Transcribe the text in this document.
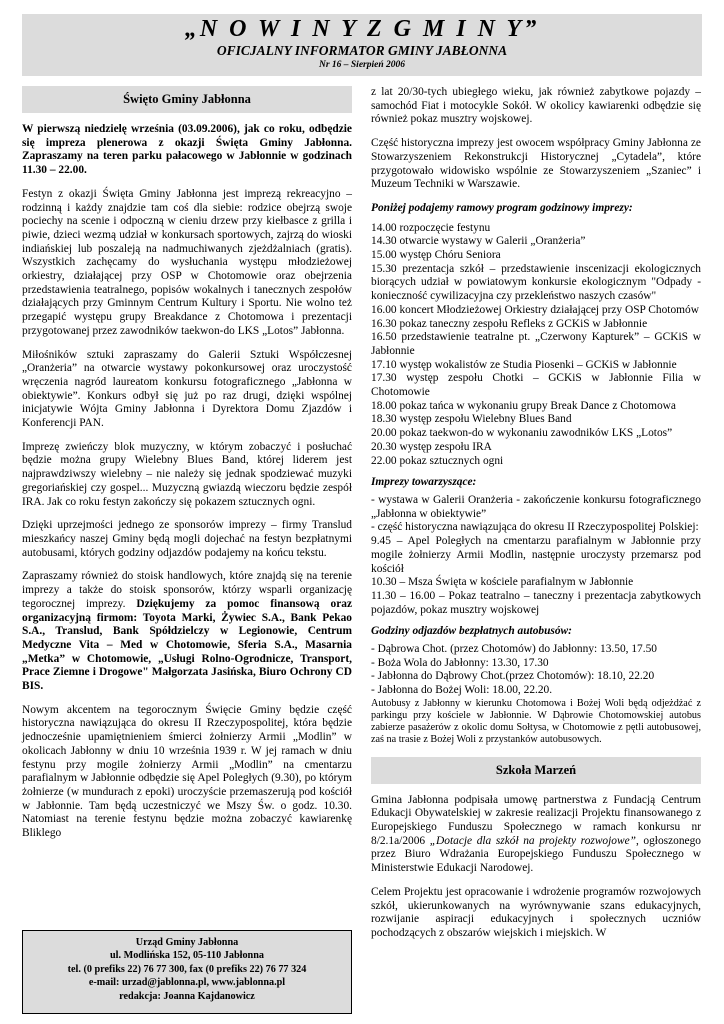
„N O W I N Y Z G M I N Y”
OFICJALNY INFORMATOR GMINY JABŁONNA
Nr 16 – Sierpień 2006
Święto Gminy Jabłonna

W pierwszą niedzielę września (03.09.2006), jak co roku, odbędzie się impreza plenerowa z okazji Święta Gminy Jabłonna. Zapraszamy na teren parku pałacowego w Jabłonnie w godzinach 11.30 – 22.00.

Festyn z okazji Święta Gminy Jabłonna jest imprezą rekreacyjno – rodzinną i każdy znajdzie tam coś dla siebie: rodzice obejrzą swoje pociechy na scenie i odpoczną w cieniu drzew przy kiełbasce z grilla i piwie, dzieci wezmą udział w konkursach sportowych, zajrzą do wioski indiańskiej lub poszaleją na nadmuchiwanych zjeżdżalniach (gratis). Wszystkich zachęcamy do wysłuchania występu młodzieżowej orkiestry, działającej przy OSP w Chotomowie oraz obejrzenia przedstawienia teatralnego, popisów wokalnych i tanecznych zespołów działających przy Gminnym Centrum Kultury i Sportu. Nie wolno też przegapić występu grupy Breakdance z Chotomowa i prezentacji przygotowanej przez zawodników taekwon-do LKS „Lotos” Jabłonna.

Miłośników sztuki zapraszamy do Galerii Sztuki Współczesnej „Oranżeria” na otwarcie wystawy pokonkursowej oraz uroczystość wręczenia nagród laureatom konkursu fotograficznego „Jabłonna w obiektywie”. Konkurs odbył się już po raz drugi, dzięki wspólnej inicjatywie Wójta Gminy Jabłonna i Dyrektora Domu Zjazdów i Konferencji PAN.

Imprezę zwieńczy blok muzyczny, w którym zobaczyć i posłuchać będzie można grupy Wielebny Blues Band, której liderem jest najprawdziwszy wielebny – nie należy się jednak spodziewać muzyki gregoriańskiej czy gospel... Muzyczną gwiazdą wieczoru będzie zespół IRA. Jak co roku festyn zakończy się pokazem sztucznych ogni.

Dzięki uprzejmości jednego ze sponsorów imprezy – firmy Translud mieszkańcy naszej Gminy będą mogli dojechać na festyn bezpłatnymi autobusami, których godziny odjazdów podajemy na końcu tekstu.

Zapraszamy również do stoisk handlowych, które znajdą się na terenie imprezy a także do stoisk sponsorów, którzy wsparli organizację tegorocznej imprezy. Dziękujemy za pomoc finansową oraz organizacyjną firmom: Toyota Marki, Żywiec S.A., Bank Pekao S.A., Translud, Bank Spółdzielczy w Legionowie, Centrum Medyczne Vita – Med w Chotomowie, Sferia S.A., Masarnia „Metka” w Chotomowie, „Usługi Rolno-Ogrodnicze, Transport, Prace Ziemne i Drogowe" Małgorzata Jasińska, Biuro Ochrony CD BIS.

Nowym akcentem na tegorocznym Święcie Gminy będzie część historyczna nawiązująca do okresu II Rzeczypospolitej, która będzie jednocześnie upamiętnieniem śmierci żołnierzy Armii „Modlin” w okolicach Jabłonny w dniu 10 września 1939 r. W jej ramach w dniu festynu przy mogile żołnierzy Armii „Modlin” na cmentarzu parafialnym w Jabłonnie odbędzie się Apel Poległych (9.30), po którym żołnierze (w mundurach z epoki) uroczyście przemaszerują pod kościół w Jabłonnie. Tam będą uczestniczyć we Mszy Św. o godz. 10.30. Natomiast na terenie festynu będzie można zobaczyć kawiarenkę Bliklego

Urząd Gminy Jabłonna
ul. Modlińska 152, 05-110 Jabłonna
tel. (0 prefiks 22) 76 77 300, fax (0 prefiks 22) 76 77 324
e-mail: urzad@jablonna.pl, www.jablonna.pl
redakcja: Joanna Kajdanowicz

z lat 20/30-tych ubiegłego wieku, jak również zabytkowe pojazdy – samochód Fiat i motocykle Sokół. W okolicy kawiarenki odbędzie się również pokaz musztry wojskowej.

Część historyczna imprezy jest owocem współpracy Gminy Jabłonna ze Stowarzyszeniem Rekonstrukcji Historycznej „Cytadela”, które przygotowało widowisko wspólnie ze Stowarzyszeniem „Szaniec” i Muzeum Techniki w Warszawie.

Poniżej podajemy ramowy program godzinowy imprezy:

14.00 rozpoczęcie festynu
14.30 otwarcie wystawy w Galerii „Oranżeria”
15.00 występ Chóru Seniora
15.30 prezentacja szkół – przedstawienie inscenizacji ekologicznych biorących udział w powiatowym konkursie ekologicznym "Odpady - konieczność cywilizacyjna czy przekleństwo naszych czasów"
16.00 koncert Młodzieżowej Orkiestry działającej przy OSP Chotomów
16.30 pokaz taneczny zespołu Refleks z GCKiS w Jabłonnie
16.50 przedstawienie teatralne pt. „Czerwony Kapturek” – GCKiS w Jabłonnie
17.10 występ wokalistów ze Studia Piosenki – GCKiS w Jabłonnie
17.30 występ zespołu Chotki – GCKiS w Jabłonnie Filia w Chotomowie
18.00 pokaz tańca w wykonaniu grupy Break Dance z Chotomowa
18.30 występ zespołu Wielebny Blues Band
20.00 pokaz taekwon-do w wykonaniu zawodników LKS „Lotos”
20.30 występ zespołu IRA
22.00 pokaz sztucznych ogni

Imprezy towarzyszące:

- wystawa w Galerii Oranżeria - zakończenie konkursu fotograficznego „Jabłonna w obiektywie”
- część historyczna nawiązująca do okresu II Rzeczypospolitej Polskiej:
9.45 – Apel Poległych na cmentarzu parafialnym w Jabłonnie przy mogile żołnierzy Armii Modlin, następnie uroczysty przemarsz pod kościół
10.30 – Msza Święta w kościele parafialnym w Jabłonnie
11.30 – 16.00 – Pokaz teatralno – taneczny i prezentacja zabytkowych pojazdów, pokaz musztry wojskowej

Godziny odjazdów bezpłatnych autobusów:

- Dąbrowa Chot. (przez Chotomów) do Jabłonny: 13.50, 17.50
- Boża Wola do Jabłonny: 13.30, 17.30
- Jabłonna do Dąbrowy Chot.(przez Chotomów): 18.10, 22.20
- Jabłonna do Bożej Woli: 18.00, 22.20.

Autobusy z Jabłonny w kierunku Chotomowa i Bożej Woli będą odjeżdżać z parkingu przy kościele w Jabłonnie. W Dąbrowie Chotomowskiej autobus zabierze pasażerów z okolic domu Sołtysa, w Chotomowie z pętli autobusowej, zaś na trasie z Bożej Woli z przystanków autobusowych.

Szkoła Marzeń

Gmina Jabłonna podpisała umowę partnerstwa z Fundacją Centrum Edukacji Obywatelskiej w zakresie realizacji Projektu finansowanego z Europejskiego Funduszu Społecznego w ramach konkursu nr 8/2.1a/2006 „Dotacje dla szkół na projekty rozwojowe”, ogłoszonego przez Biuro Wdrażania Europejskiego Funduszu Społecznego w Ministerstwie Edukacji Narodowej.

Celem Projektu jest opracowanie i wdrożenie programów rozwojowych szkół, ukierunkowanych na wyrównywanie szans edukacyjnych, rozwijanie aspiracji edukacyjnych i społecznych uczniów pochodzących z obszarów wiejskich i miejskich. W
